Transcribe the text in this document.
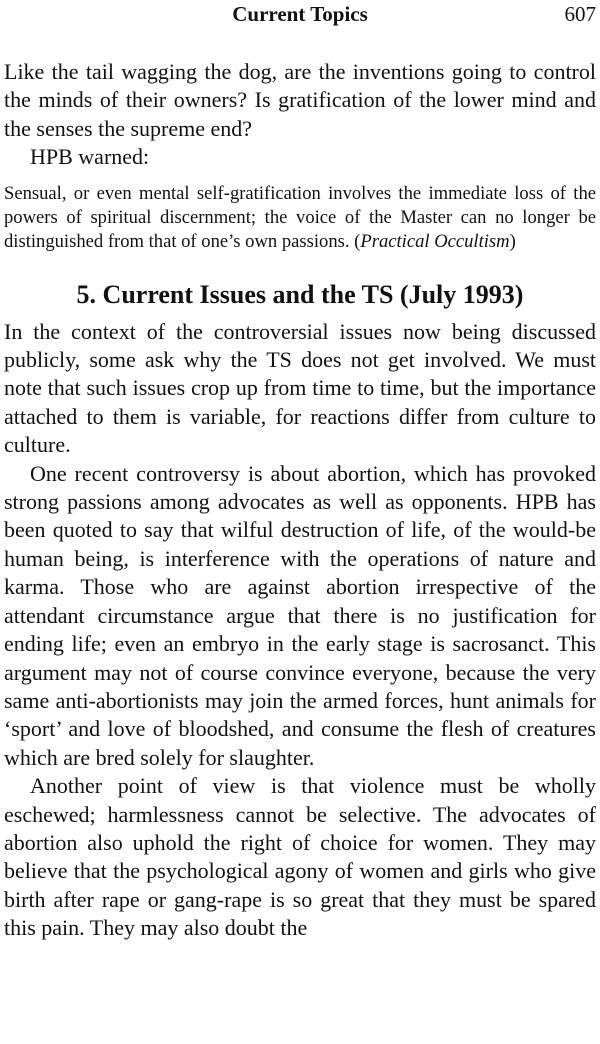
Current Topics	607

Like the tail wagging the dog, are the inventions going to control the minds of their owners? Is gratification of the lower mind and the senses the supreme end?

HPB warned:

Sensual, or even mental self-gratification involves the immediate loss of the powers of spiritual discernment; the voice of the Master can no longer be distinguished from that of one’s own passions. (Practical Occultism)

5. Current Issues and the TS (July 1993)

In the context of the controversial issues now being discussed publicly, some ask why the TS does not get involved. We must note that such issues crop up from time to time, but the importance attached to them is variable, for reactions differ from culture to culture.

One recent controversy is about abortion, which has provoked strong passions among advocates as well as opponents. HPB has been quoted to say that wilful destruction of life, of the would-be human being, is interference with the operations of nature and karma. Those who are against abortion irrespective of the attendant circumstance argue that there is no justification for ending life; even an embryo in the early stage is sacrosanct. This argument may not of course convince everyone, because the very same anti-abortionists may join the armed forces, hunt animals for ‘sport’ and love of bloodshed, and consume the flesh of creatures which are bred solely for slaughter.

Another point of view is that violence must be wholly eschewed; harmlessness cannot be selective. The advocates of abortion also uphold the right of choice for women. They may believe that the psychological agony of women and girls who give birth after rape or gang-rape is so great that they must be spared this pain. They may also doubt the
